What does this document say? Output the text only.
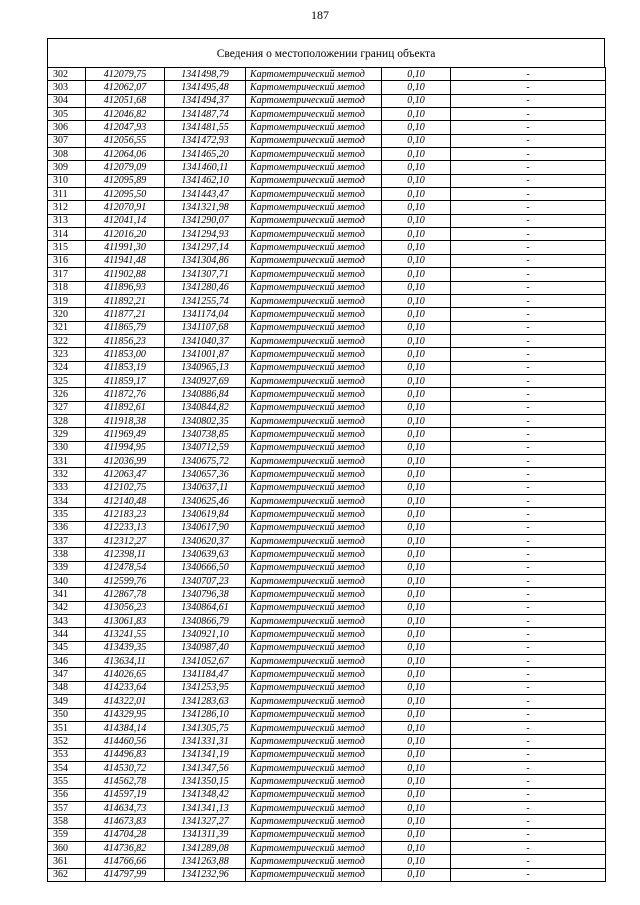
187
Сведения о местоположении границ объекта
302	412079,75	1341498,79	Картометрический метод	0,10	-
303	412062,07	1341495,48	Картометрический метод	0,10	-
304	412051,68	1341494,37	Картометрический метод	0,10	-
305	412046,82	1341487,74	Картометрический метод	0,10	-
306	412047,93	1341481,55	Картометрический метод	0,10	-
307	412056,55	1341472,93	Картометрический метод	0,10	-
308	412064,06	1341465,20	Картометрический метод	0,10	-
309	412079,09	1341460,11	Картометрический метод	0,10	-
310	412095,89	1341462,10	Картометрический метод	0,10	-
311	412095,50	1341443,47	Картометрический метод	0,10	-
312	412070,91	1341321,98	Картометрический метод	0,10	-
313	412041,14	1341290,07	Картометрический метод	0,10	-
314	412016,20	1341294,93	Картометрический метод	0,10	-
315	411991,30	1341297,14	Картометрический метод	0,10	-
316	411941,48	1341304,86	Картометрический метод	0,10	-
317	411902,88	1341307,71	Картометрический метод	0,10	-
318	411896,93	1341280,46	Картометрический метод	0,10	-
319	411892,21	1341255,74	Картометрический метод	0,10	-
320	411877,21	1341174,04	Картометрический метод	0,10	-
321	411865,79	1341107,68	Картометрический метод	0,10	-
322	411856,23	1341040,37	Картометрический метод	0,10	-
323	411853,00	1341001,87	Картометрический метод	0,10	-
324	411853,19	1340965,13	Картометрический метод	0,10	-
325	411859,17	1340927,69	Картометрический метод	0,10	-
326	411872,76	1340886,84	Картометрический метод	0,10	-
327	411892,61	1340844,82	Картометрический метод	0,10	-
328	411918,38	1340802,35	Картометрический метод	0,10	-
329	411969,49	1340738,85	Картометрический метод	0,10	-
330	411994,95	1340712,59	Картометрический метод	0,10	-
331	412036,99	1340675,72	Картометрический метод	0,10	-
332	412063,47	1340657,36	Картометрический метод	0,10	-
333	412102,75	1340637,11	Картометрический метод	0,10	-
334	412140,48	1340625,46	Картометрический метод	0,10	-
335	412183,23	1340619,84	Картометрический метод	0,10	-
336	412233,13	1340617,90	Картометрический метод	0,10	-
337	412312,27	1340620,37	Картометрический метод	0,10	-
338	412398,11	1340639,63	Картометрический метод	0,10	-
339	412478,54	1340666,50	Картометрический метод	0,10	-
340	412599,76	1340707,23	Картометрический метод	0,10	-
341	412867,78	1340796,38	Картометрический метод	0,10	-
342	413056,23	1340864,61	Картометрический метод	0,10	-
343	413061,83	1340866,79	Картометрический метод	0,10	-
344	413241,55	1340921,10	Картометрический метод	0,10	-
345	413439,35	1340987,40	Картометрический метод	0,10	-
346	413634,11	1341052,67	Картометрический метод	0,10	-
347	414026,65	1341184,47	Картометрический метод	0,10	-
348	414233,64	1341253,95	Картометрический метод	0,10	-
349	414322,01	1341283,63	Картометрический метод	0,10	-
350	414329,95	1341286,10	Картометрический метод	0,10	-
351	414384,14	1341305,75	Картометрический метод	0,10	-
352	414460,56	1341331,31	Картометрический метод	0,10	-
353	414496,83	1341341,19	Картометрический метод	0,10	-
354	414530,72	1341347,56	Картометрический метод	0,10	-
355	414562,78	1341350,15	Картометрический метод	0,10	-
356	414597,19	1341348,42	Картометрический метод	0,10	-
357	414634,73	1341341,13	Картометрический метод	0,10	-
358	414673,83	1341327,27	Картометрический метод	0,10	-
359	414704,28	1341311,39	Картометрический метод	0,10	-
360	414736,82	1341289,08	Картометрический метод	0,10	-
361	414766,66	1341263,88	Картометрический метод	0,10	-
362	414797,99	1341232,96	Картометрический метод	0,10	-
